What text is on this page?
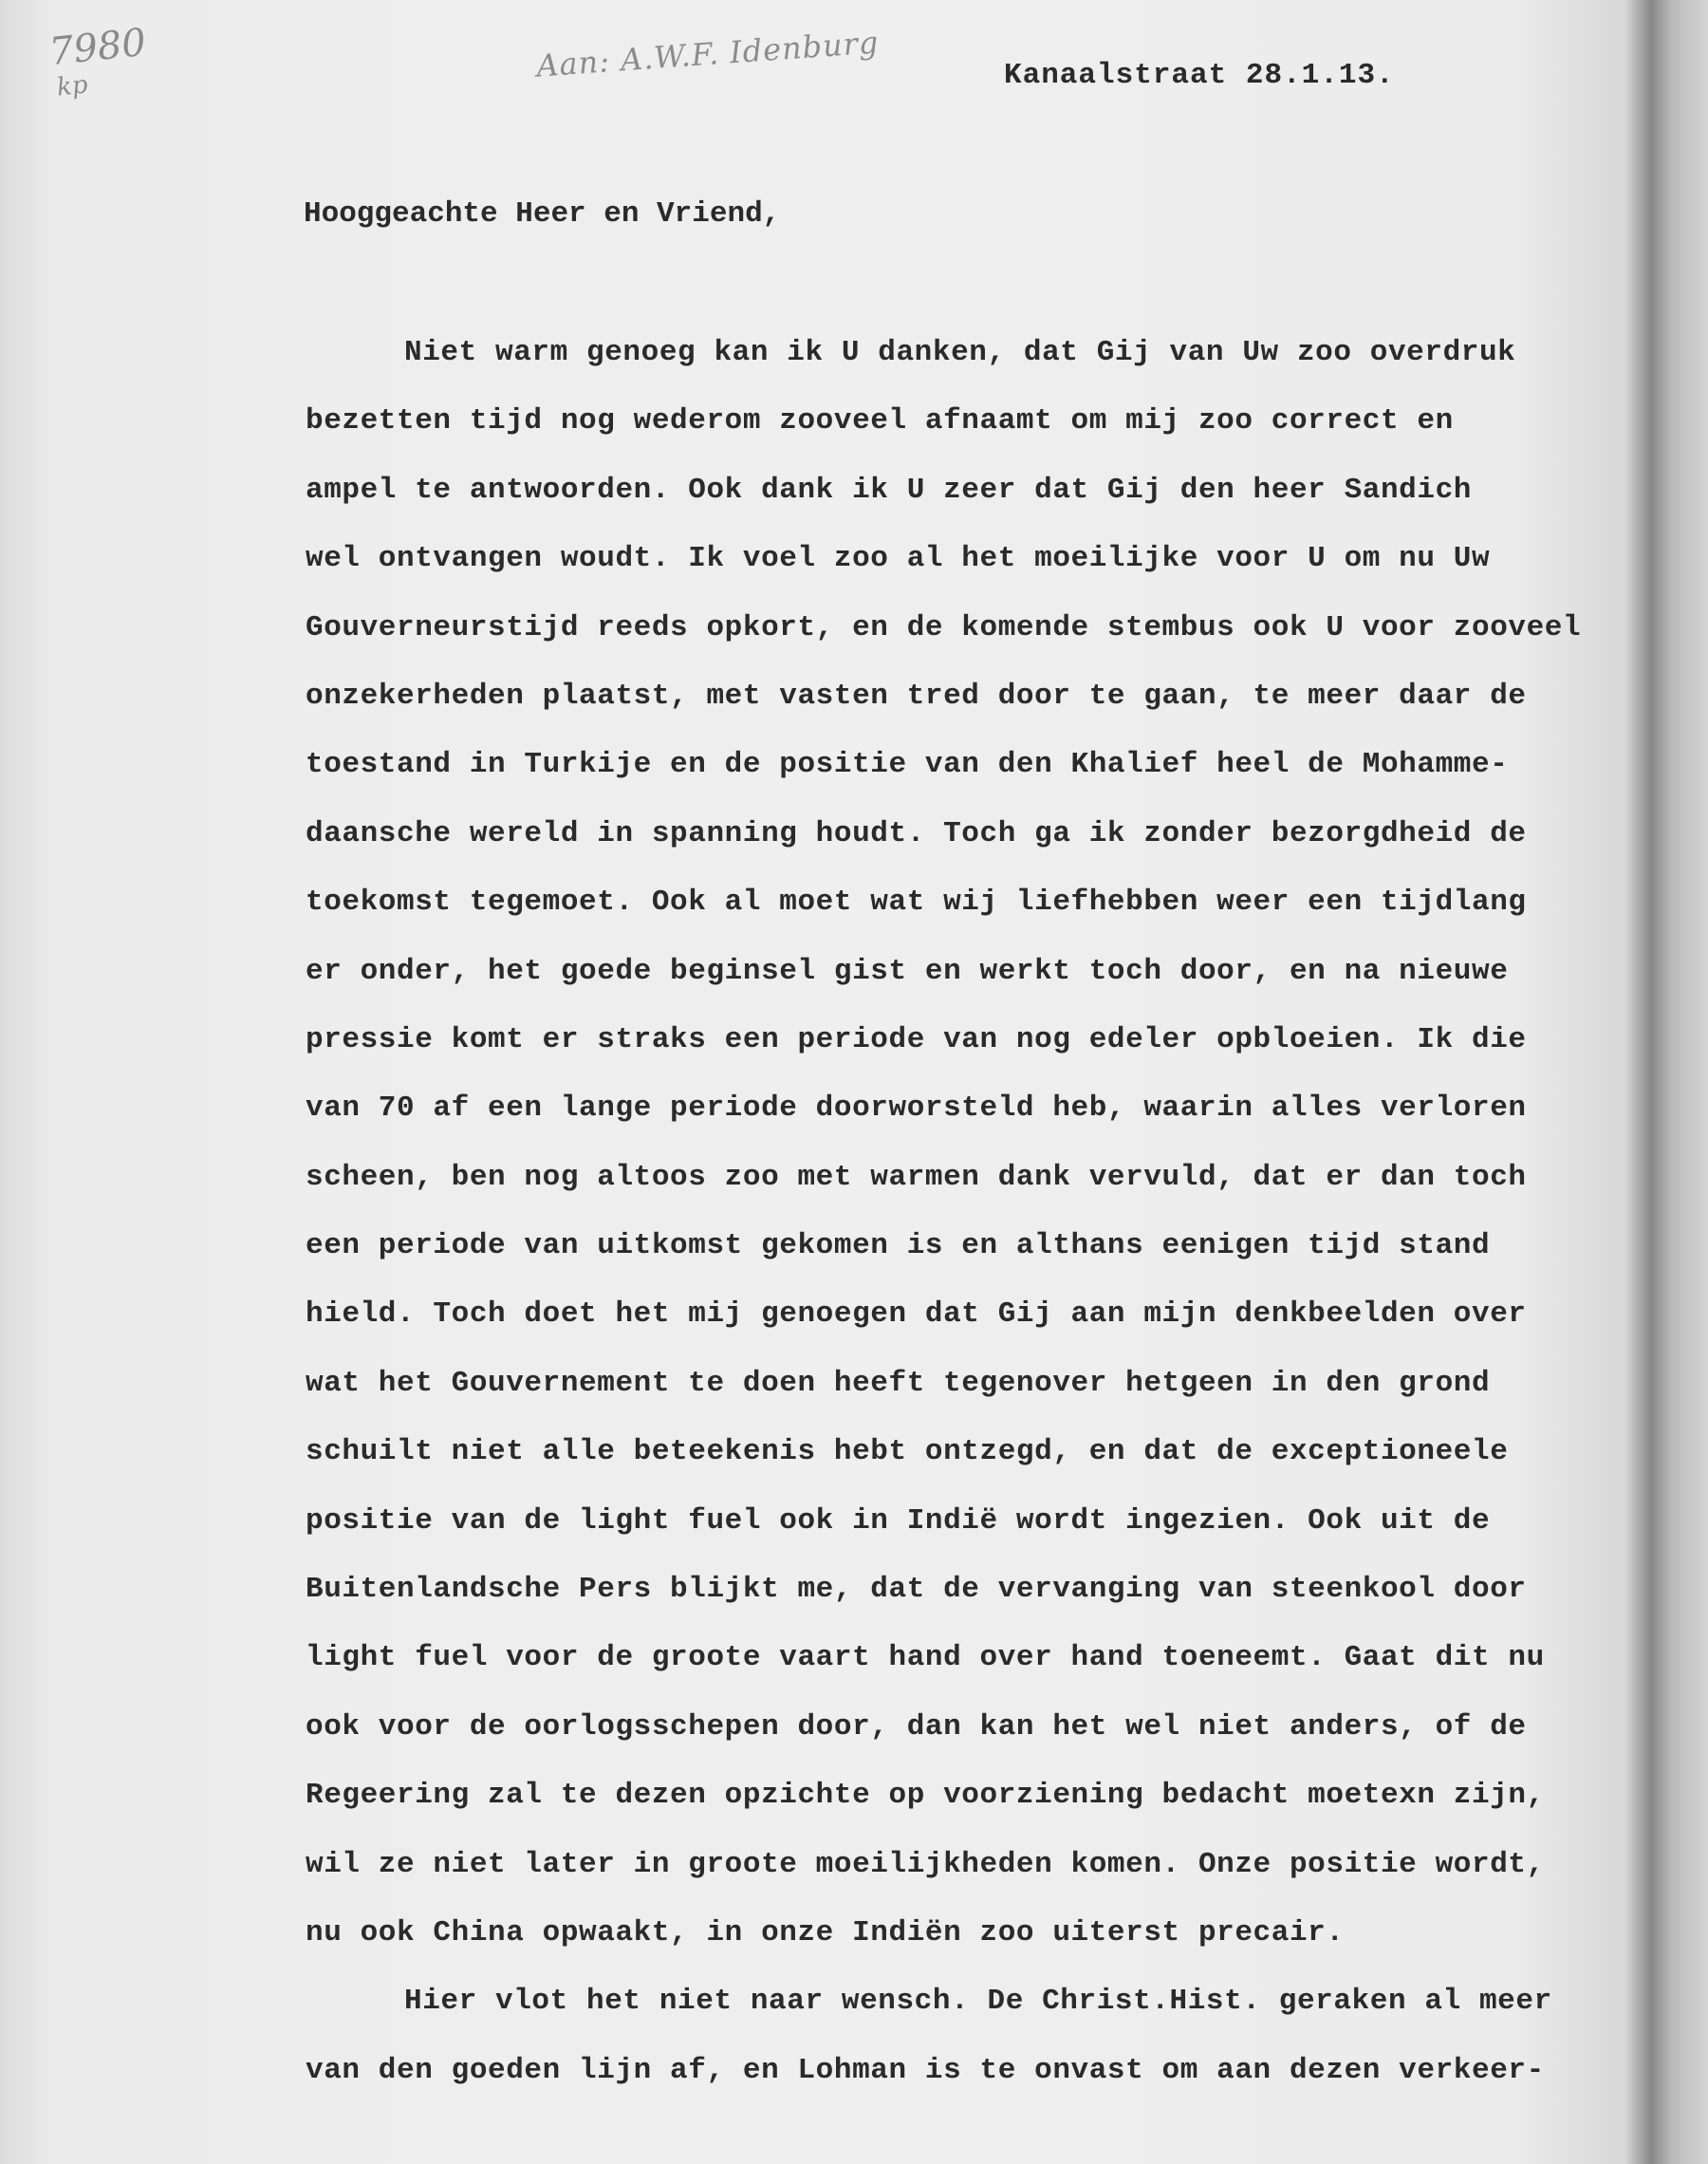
7980
kp
Aan: A.W.F. Idenburg	Kanaalstraat 28.1.13.
Hooggeachte Heer en Vriend,
Niet warm genoeg kan ik U danken, dat Gij van Uw zoo overdruk
bezetten tijd nog wederom zooveel afnaamt om mij zoo correct en
ampel te antwoorden. Ook dank ik U zeer dat Gij den heer Sandich
wel ontvangen woudt. Ik voel zoo al het moeilijke voor U om nu Uw
Gouverneurstijd reeds opkort, en de komende stembus ook U voor zooveel
onzekerheden plaatst, met vasten tred door te gaan, te meer daar de
toestand in Turkije en de positie van den Khalief heel de Mohamme-
daansche wereld in spanning houdt. Toch ga ik zonder bezorgdheid de
toekomst tegemoet. Ook al moet wat wij liefhebben weer een tijdlang
er onder, het goede beginsel gist en werkt toch door, en na nieuwe
pressie komt er straks een periode van nog edeler opbloeien. Ik die
van 70 af een lange periode doorworsteld heb, waarin alles verloren
scheen, ben nog altoos zoo met warmen dank vervuld, dat er dan toch
een periode van uitkomst gekomen is en althans eenigen tijd stand
hield. Toch doet het mij genoegen dat Gij aan mijn denkbeelden over
wat het Gouvernement te doen heeft tegenover hetgeen in den grond
schuilt niet alle beteekenis hebt ontzegd, en dat de exceptioneele
positie van de light fuel ook in Indië wordt ingezien. Ook uit de
Buitenlandsche Pers blijkt me, dat de vervanging van steenkool door
light fuel voor de groote vaart hand over hand toeneemt. Gaat dit nu
ook voor de oorlogsschepen door, dan kan het wel niet anders, of de
Regeering zal te dezen opzichte op voorziening bedacht moetexn zijn,
wil ze niet later in groote moeilijkheden komen. Onze positie wordt,
nu ook China opwaakt, in onze Indiën zoo uiterst precair.
Hier vlot het niet naar wensch. De Christ.Hist. geraken al meer
van den goeden lijn af, en Lohman is te onvast om aan dezen verkeer-
